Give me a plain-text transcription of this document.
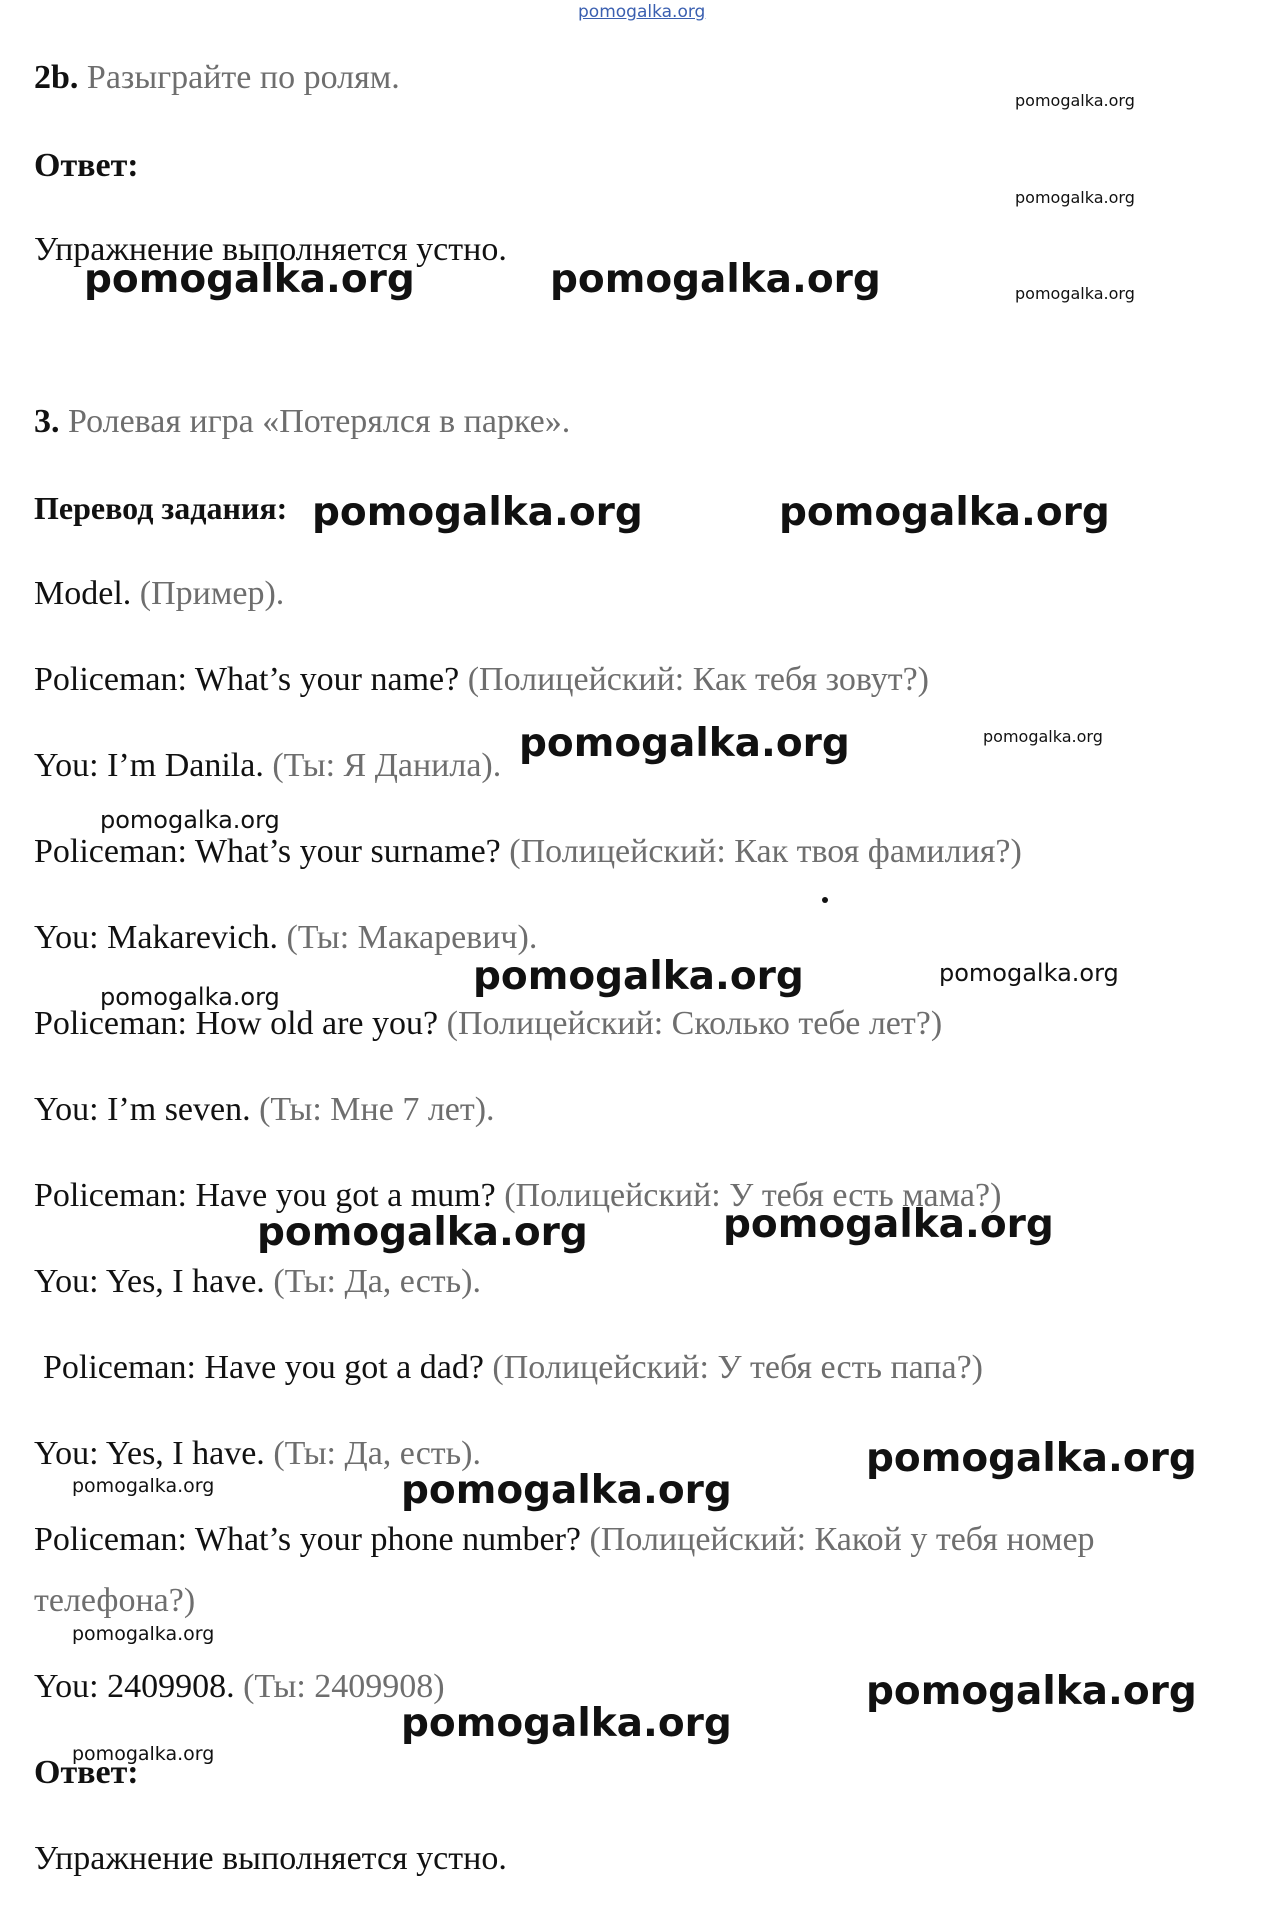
pomogalka.org
2b. Разыграйте по ролям.
Ответ:
Упражнение выполняется устно.
3. Ролевая игра «Потерялся в парке».
Перевод задания:
Model. (Пример).
Policeman: What’s your name? (Полицейский: Как тебя зовут?)
You: I’m Danila. (Ты: Я Данила).
Policeman: What’s your surname? (Полицейский: Как твоя фамилия?)
You: Makarevich. (Ты: Макаревич).
Policeman: How old are you? (Полицейский: Сколько тебе лет?)
You: I’m seven. (Ты: Мне 7 лет).
Policeman: Have you got a mum? (Полицейский: У тебя есть мама?)
You: Yes, I have. (Ты: Да, есть).
Policeman: Have you got a dad? (Полицейский: У тебя есть папа?)
You: Yes, I have. (Ты: Да, есть).
Policeman: What’s your phone number? (Полицейский: Какой у тебя номер
телефона?)
You: 2409908. (Ты: 2409908)
Ответ:
Упражнение выполняется устно.
pomogalka.org
pomogalka.org
pomogalka.org
pomogalka.org
pomogalka.org
pomogalka.org
pomogalka.org
pomogalka.org
pomogalka.org
pomogalka.org
pomogalka.org	pomogalka.org
pomogalka.org	pomogalka.org
pomogalka.org
pomogalka.org
pomogalka.org	pomogalka.org
pomogalka.org
pomogalka.org
pomogalka.org
pomogalka.org
